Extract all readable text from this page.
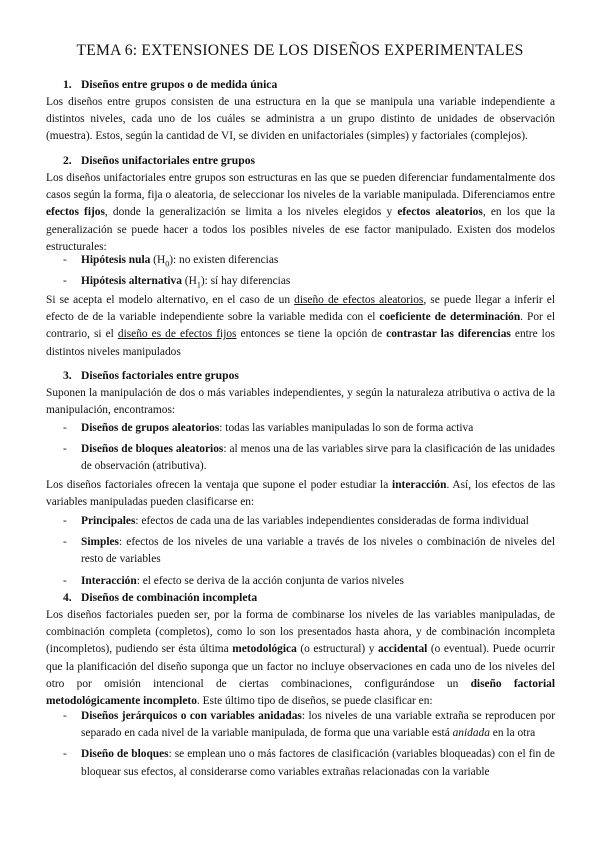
TEMA 6: EXTENSIONES DE LOS DISEÑOS EXPERIMENTALES
1. Diseños entre grupos o de medida única
Los diseños entre grupos consisten de una estructura en la que se manipula una variable independiente a distintos niveles, cada uno de los cuáles se administra a un grupo distinto de unidades de observación (muestra). Estos, según la cantidad de VI, se dividen en unifactoriales (simples) y factoriales (complejos).
2. Diseños unifactoriales entre grupos
Los diseños unifactoriales entre grupos son estructuras en las que se pueden diferenciar fundamentalmente dos casos según la forma, fija o aleatoria, de seleccionar los niveles de la variable manipulada. Diferenciamos entre efectos fijos, donde la generalización se limita a los niveles elegidos y efectos aleatorios, en los que la generalización se puede hacer a todos los posibles niveles de ese factor manipulado. Existen dos modelos estructurales:
- Hipótesis nula $(H_0)$: no existen diferencias
- Hipótesis alternativa $(H_1)$: sí hay diferencias
Si se acepta el modelo alternativo, en el caso de un diseño de efectos aleatorios, se puede llegar a inferir el efecto de de la variable independiente sobre la variable medida con el coeficiente de determinación. Por el contrario, si el diseño es de efectos fijos entonces se tiene la opción de contrastar las diferencias entre los distintos niveles manipulados
3. Diseños factoriales entre grupos
Suponen la manipulación de dos o más variables independientes, y según la naturaleza atributiva o activa de la manipulación, encontramos:
- Diseños de grupos aleatorios: todas las variables manipuladas lo son de forma activa
- Diseños de bloques aleatorios: al menos una de las variables sirve para la clasificación de las unidades de observación (atributiva).
Los diseños factoriales ofrecen la ventaja que supone el poder estudiar la interacción. Así, los efectos de las variables manipuladas pueden clasificarse en:
- Principales: efectos de cada una de las variables independientes consideradas de forma individual
- Simples: efectos de los niveles de una variable a través de los niveles o combinación de niveles del resto de variables
- Interacción: el efecto se deriva de la acción conjunta de varios niveles
4. Diseños de combinación incompleta
Los diseños factoriales pueden ser, por la forma de combinarse los niveles de las variables manipuladas, de combinación completa (completos), como lo son los presentados hasta ahora, y de combinación incompleta (incompletos), pudiendo ser ésta última metodológica (o estructural) y accidental (o eventual). Puede ocurrir que la planificación del diseño suponga que un factor no incluye observaciones en cada uno de los niveles del otro por omisión intencional de ciertas combinaciones, configurándose un diseño factorial metodológicamente incompleto. Este último tipo de diseños, se puede clasificar en:
- Diseños jerárquicos o con variables anidadas: los niveles de una variable extraña se reproducen por separado en cada nivel de la variable manipulada, de forma que una variable está anidada en la otra
- Diseño de bloques: se emplean uno o más factores de clasificación (variables bloqueadas) con el fin de bloquear sus efectos, al considerarse como variables extrañas relacionadas con la variable
